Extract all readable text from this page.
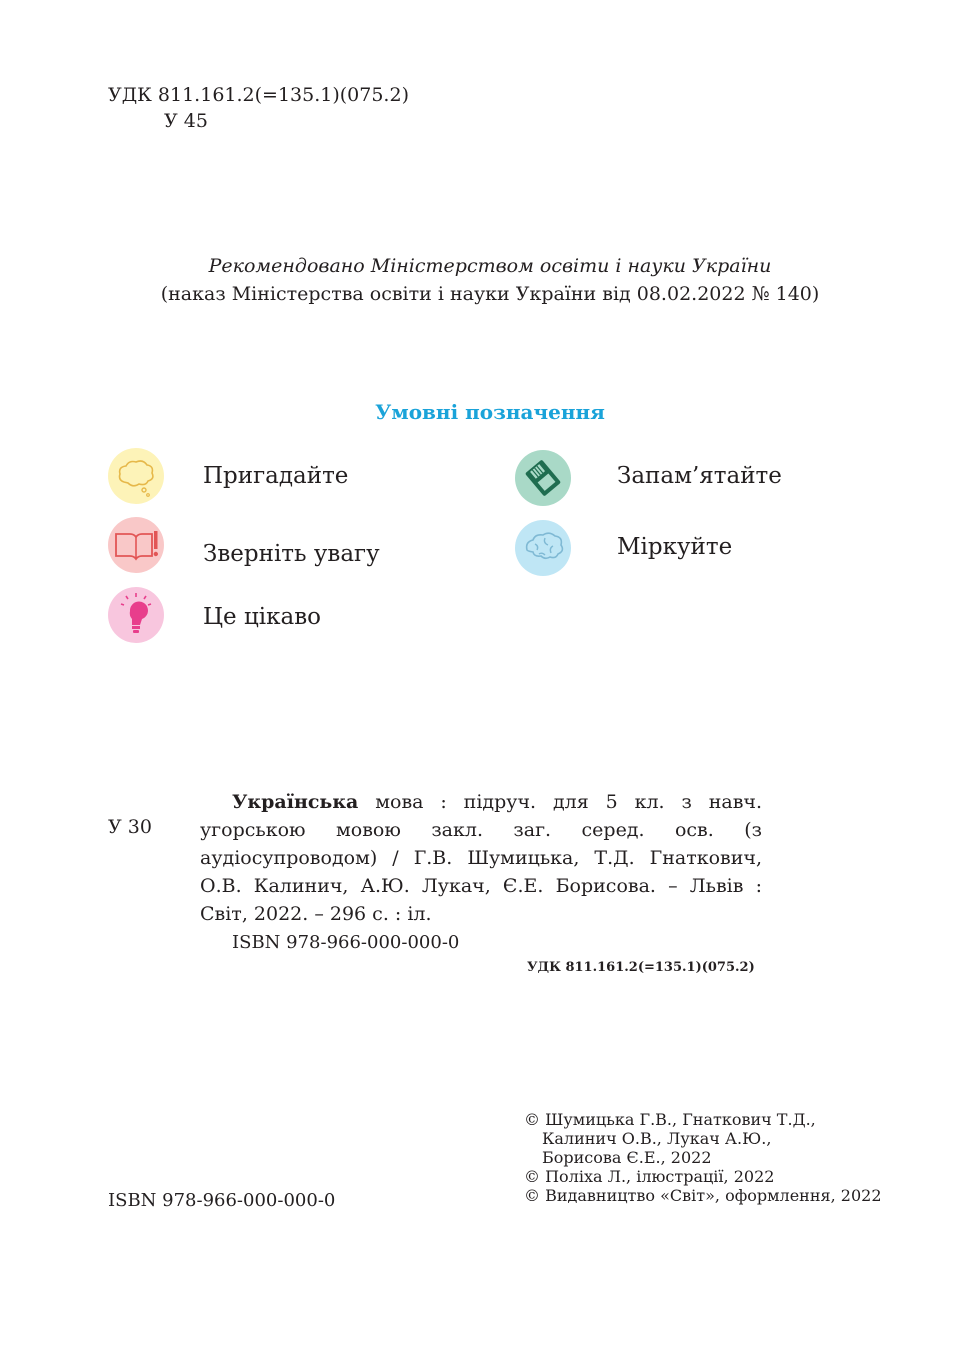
УДК 811.161.2(=135.1)(075.2)
У 45
Рекомендовано Міністерством освіти і науки України
(наказ Міністерства освіти і науки України від 08.02.2022 № 140)
Умовні позначення
Пригадайте
Зверніть увагу
Це цікаво
Запам’ятайте
Міркуйте
У 30

Українська мова : підруч. для 5 кл. з навч. угорською мовою закл. заг. серед. осв. (з аудіосупроводом) / Г.В. Шумицька, Т.Д. Гнаткович, О.В. Калинич, А.Ю. Лукач, Є.Е. Борисова. – Львів : Світ, 2022. – 296 с. : іл.

ISBN 978-966-000-000-0
УДК 811.161.2(=135.1)(075.2)
© Шумицька Г.В., Гнаткович Т.Д.,
Калинич О.В., Лукач А.Ю.,
Борисова Є.Е., 2022
© Поліха Л., ілюстрації, 2022
© Видавництво «Світ», оформлення, 2022
ISBN 978-966-000-000-0
